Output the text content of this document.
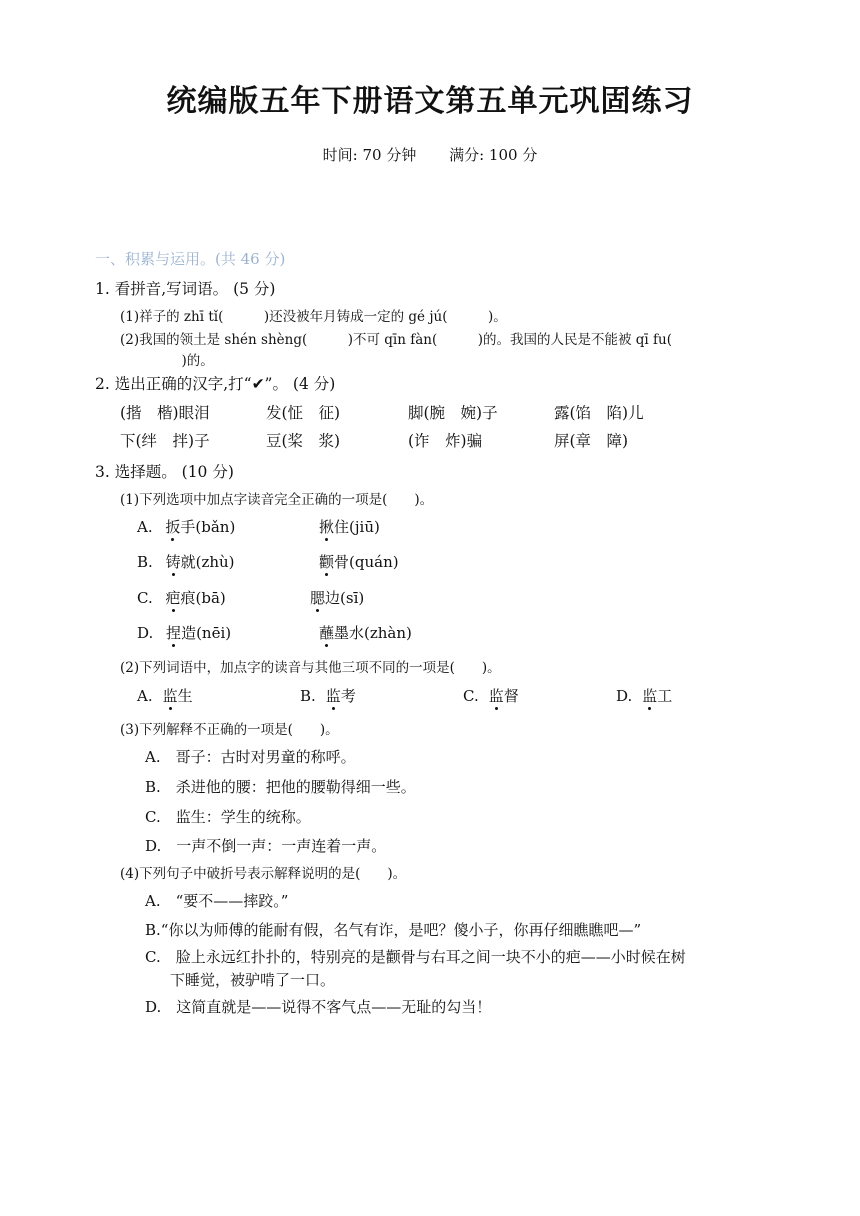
统编版五年下册语文第五单元巩固练习
时间: 70 分钟 满分: 100 分
一、积累与运用。(共 46 分)
1. 看拼音,写词语。 (5 分)
(1)祥子的 zhī tǐ(　　　)还没被年月铸成一定的 gé jú(　　　)。
(2)我国的领土是 shén shèng(　　　)不可 qīn fàn(　　　)的。我国的人民是不能被 qī fu(
　)的。
2. 选出正确的汉字,打“✔”。 (4 分)
(揩　楷)眼泪	发(怔　征)	脚(腕　婉)子	露(馅　陷)儿
下(绊　拌)子	豆(桨　浆)	(诈　炸)骗	屏(章　障)
3. 选择题。 (10 分)
(1)下列选项中加点字读音完全正确的一项是(　　)。
A. 扳手(bǎn)	揪住(jiū)
B. 铸就(zhù)	颧骨(quán)
C. 疤痕(bā)	腮边(sī)
D. 捏造(nēi)	蘸墨水(zhàn)
(2)下列词语中，加点字的读音与其他三项不同的一项是(　　)。
A. 监生	B. 监考	C. 监督	D. 监工
(3)下列解释不正确的一项是(　　)。
A.　哥子：古时对男童的称呼。
B.　杀进他的腰：把他的腰勒得细一些。
C.　监生：学生的统称。
D.　一声不倒一声：一声连着一声。
(4)下列句子中破折号表示解释说明的是(　　)。
A.　“要不——摔跤。”
B.“你以为师傅的能耐有假，名气有诈，是吧？傻小子，你再仔细瞧瞧吧—”
C.　脸上永远红扑扑的，特别亮的是颧骨与右耳之间一块不小的疤——小时候在树
下睡觉，被驴啃了一口。
D.　这简直就是——说得不客气点——无耻的勾当！
